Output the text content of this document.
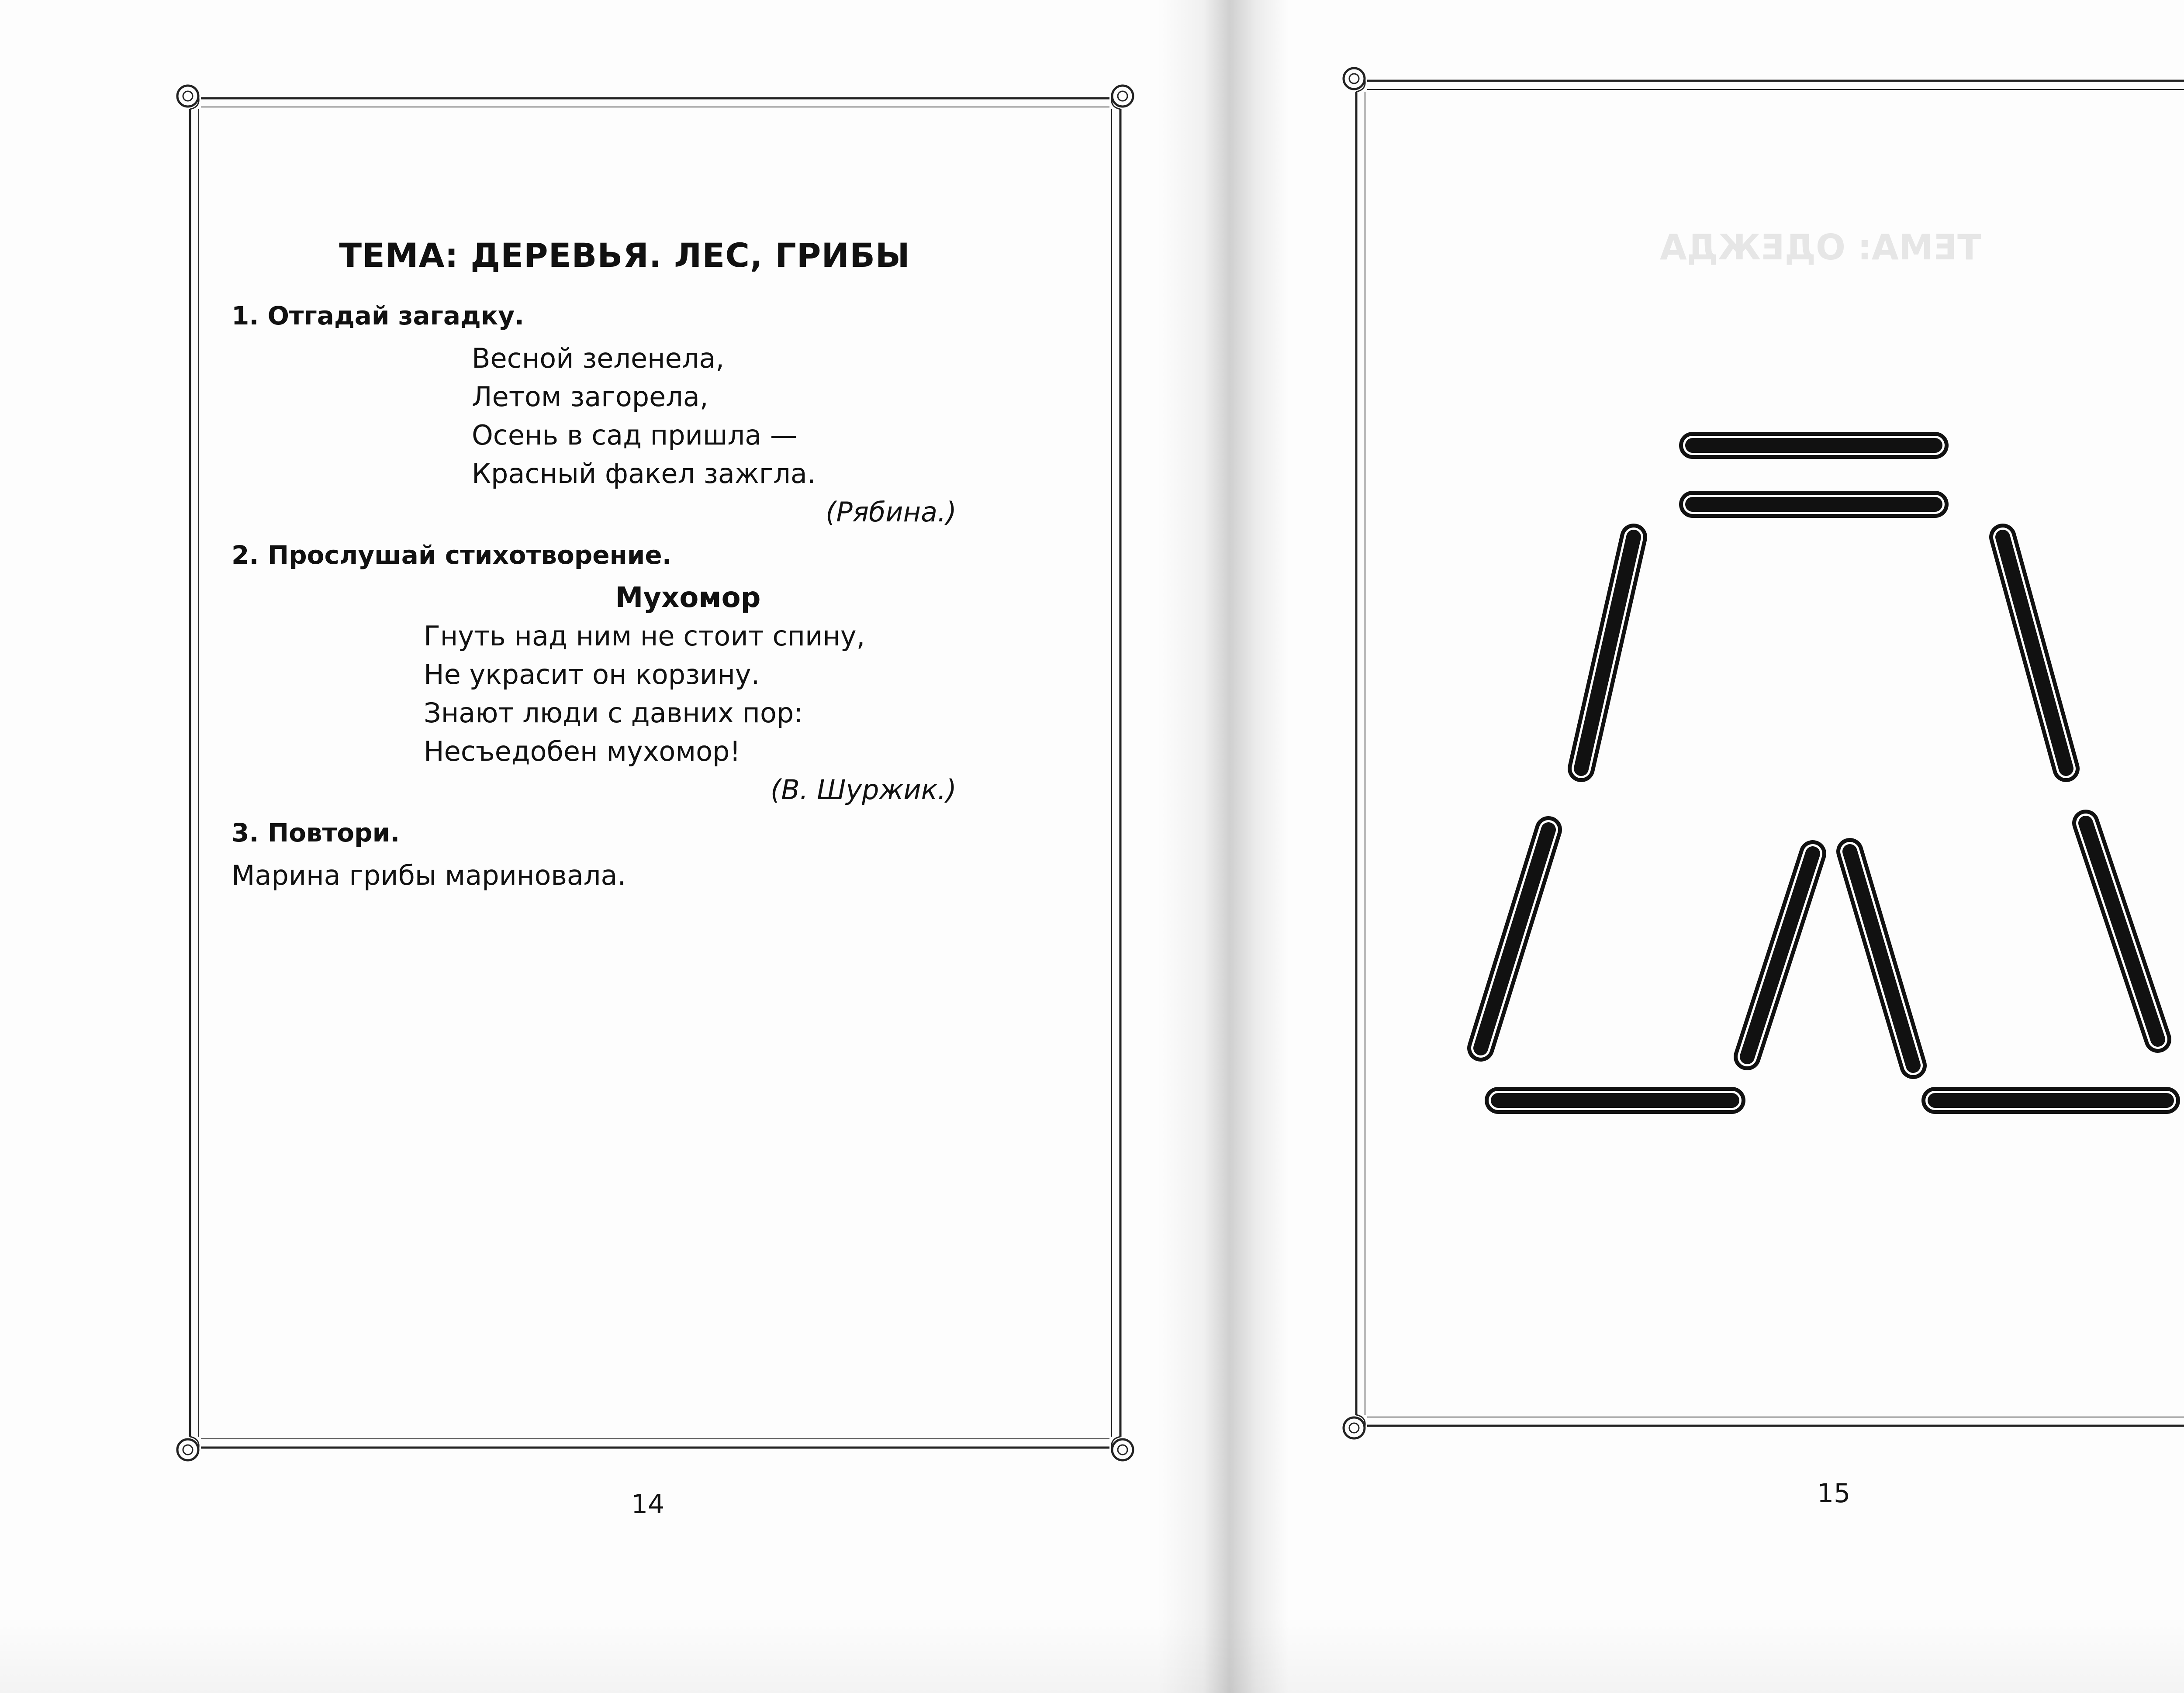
ТЕМА: ОДЕЖДА
ТЕМА: ДЕРЕВЬЯ. ЛЕС, ГРИБЫ
1. Отгадай загадку.
Весной зеленела,
Летом загорела,
Осень в сад пришла —
Красный факел зажгла.
(Рябина.)
2. Прослушай стихотворение.
Мухомор
Гнуть над ним не стоит спину,
Не украсит он корзину.
Знают люди с давних пор:
Несъедобен мухомор!
(В. Шуржик.)
3. Повтори.
Марина грибы мариновала.
14	15
